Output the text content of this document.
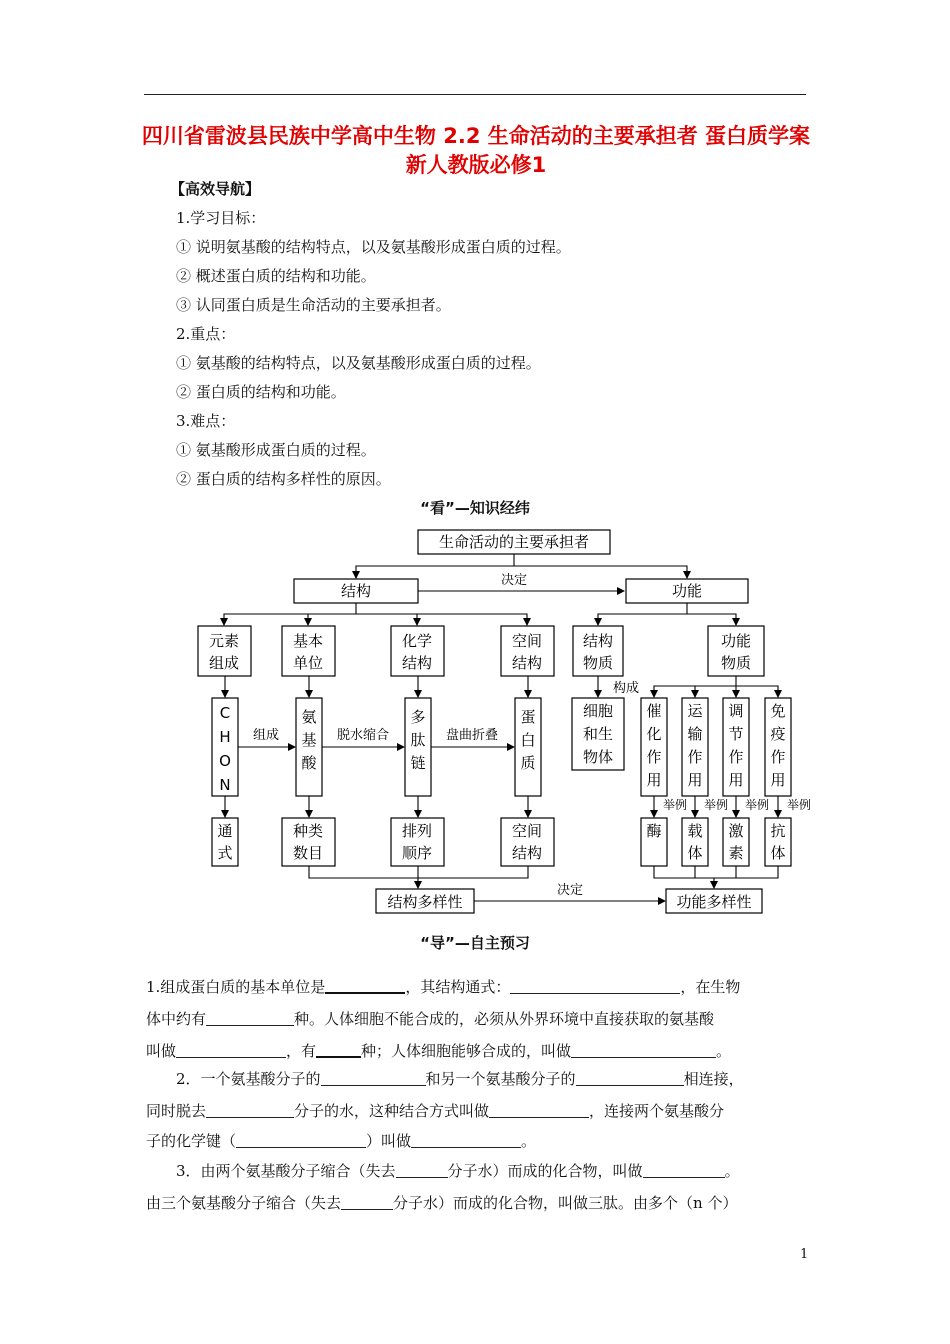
四川省雷波县民族中学高中生物 2.2 生命活动的主要承担者 蛋白质学案 新人教版必修1
【高效导航】
1.学习目标：
① 说明氨基酸的结构特点，以及氨基酸形成蛋白质的过程。
② 概述蛋白质的结构和功能。
③ 认同蛋白质是生命活动的主要承担者。
2.重点：
① 氨基酸的结构特点，以及氨基酸形成蛋白质的过程。
② 蛋白质的结构和功能。
3.难点：
① 氨基酸形成蛋白质的过程。
② 蛋白质的结构多样性的原因。
“看”—知识经纬
生命活动的主要承担者
结构	功能
决定
元素
组成
基本
单位
化学
结构
空间
结构
结构
物质
功能
物质
C
H
O
N
氨
基
酸
多
肽
链
蛋
白
质
组成	脱水缩合	盘曲折叠
构成
细胞
和生
物体
催
化
作
用
运
输
作
用
调
节
作
用
免
疫
作
用
举例 举例 举例 举例
通
式
种类
数目
排列
顺序
空间
结构
酶 载
体
激
素
抗
体
结构多样性	功能多样性
决定
“导”—自主预习
1.组成蛋白质的基本单位是	，其结构通式：	，在生物
体中约有	种。人体细胞不能合成的，必须从外界环境中直接获取的氨基酸
叫做	，有	种；人体细胞能够合成的，叫做	。
2．一个氨基酸分子的	和另一个氨基酸分子的	相连接，
同时脱去	分子的水，这种结合方式叫做	，连接两个氨基酸分
子的化学键（	）叫做	。
3．由两个氨基酸分子缩合（失去	分子水）而成的化合物，叫做	。
由三个氨基酸分子缩合（失去	分子水）而成的化合物，叫做三肽。由多个（n 个）
1
